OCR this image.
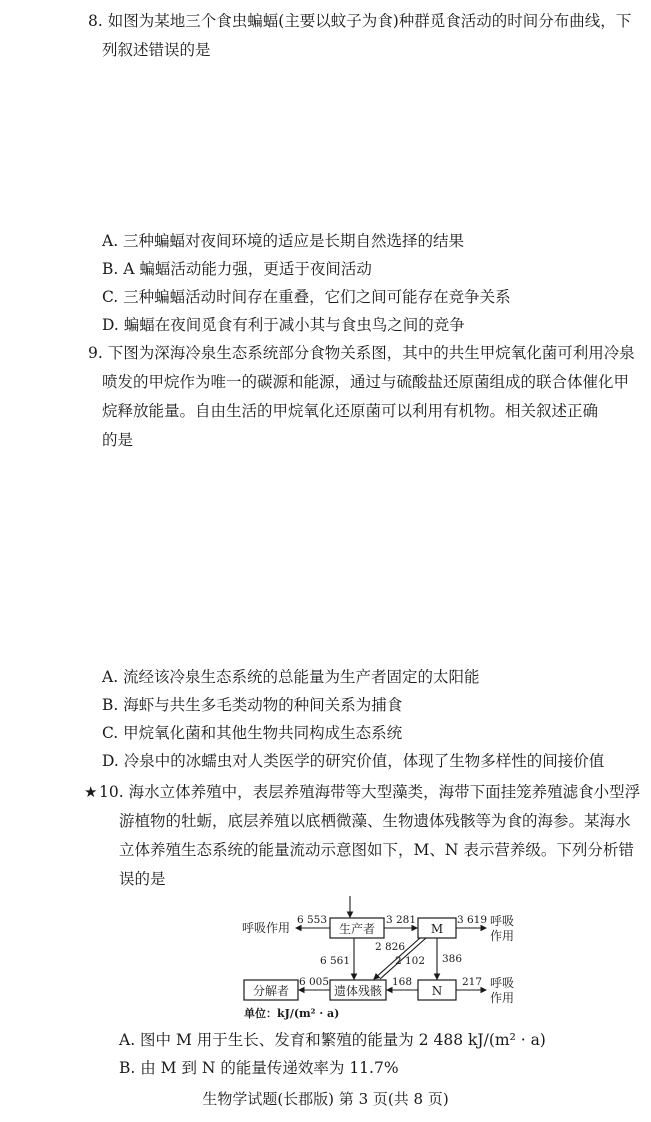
8. 如图为某地三个食虫蝙蝠(主要以蚊子为食)种群觅食活动的时间分布曲线，下
列叙述错误的是
A. 三种蝙蝠对夜间环境的适应是长期自然选择的结果
B. A 蝙蝠活动能力强，更适于夜间活动
C. 三种蝙蝠活动时间存在重叠，它们之间可能存在竞争关系
D. 蝙蝠在夜间觅食有利于减小其与食虫鸟之间的竞争
9. 下图为深海冷泉生态系统部分食物关系图，其中的共生甲烷氧化菌可利用冷泉
喷发的甲烷作为唯一的碳源和能源，通过与硫酸盐还原菌组成的联合体催化甲
烷释放能量。自由生活的甲烷氧化还原菌可以利用有机物。相关叙述正确
的是
A. 流经该冷泉生态系统的总能量为生产者固定的太阳能
B. 海虾与共生多毛类动物的种间关系为捕食
C. 甲烷氧化菌和其他生物共同构成生态系统
D. 冷泉中的冰蠕虫对人类医学的研究价值，体现了生物多样性的间接价值
★ 10. 海水立体养殖中，表层养殖海带等大型藻类，海带下面挂笼养殖滤食小型浮
游植物的牡蛎，底层养殖以底栖微藻、生物遗体残骸等为食的海参。某海水
立体养殖生态系统的能量流动示意图如下，M、N 表示营养级。下列分析错
误的是
生产者	M
N
分解者	遗体残骸
6 553
呼吸作用
3 281	3 619 呼吸
作用
6 561
2 826
2 102 386
6 005	168	217 呼吸
作用
单位：kJ/(m² · a)
A. 图中 M 用于生长、发育和繁殖的能量为 2 488 kJ/(m² · a)
B. 由 M 到 N 的能量传递效率为 11.7%
生物学试题(长郡版) 第 3 页(共 8 页)
